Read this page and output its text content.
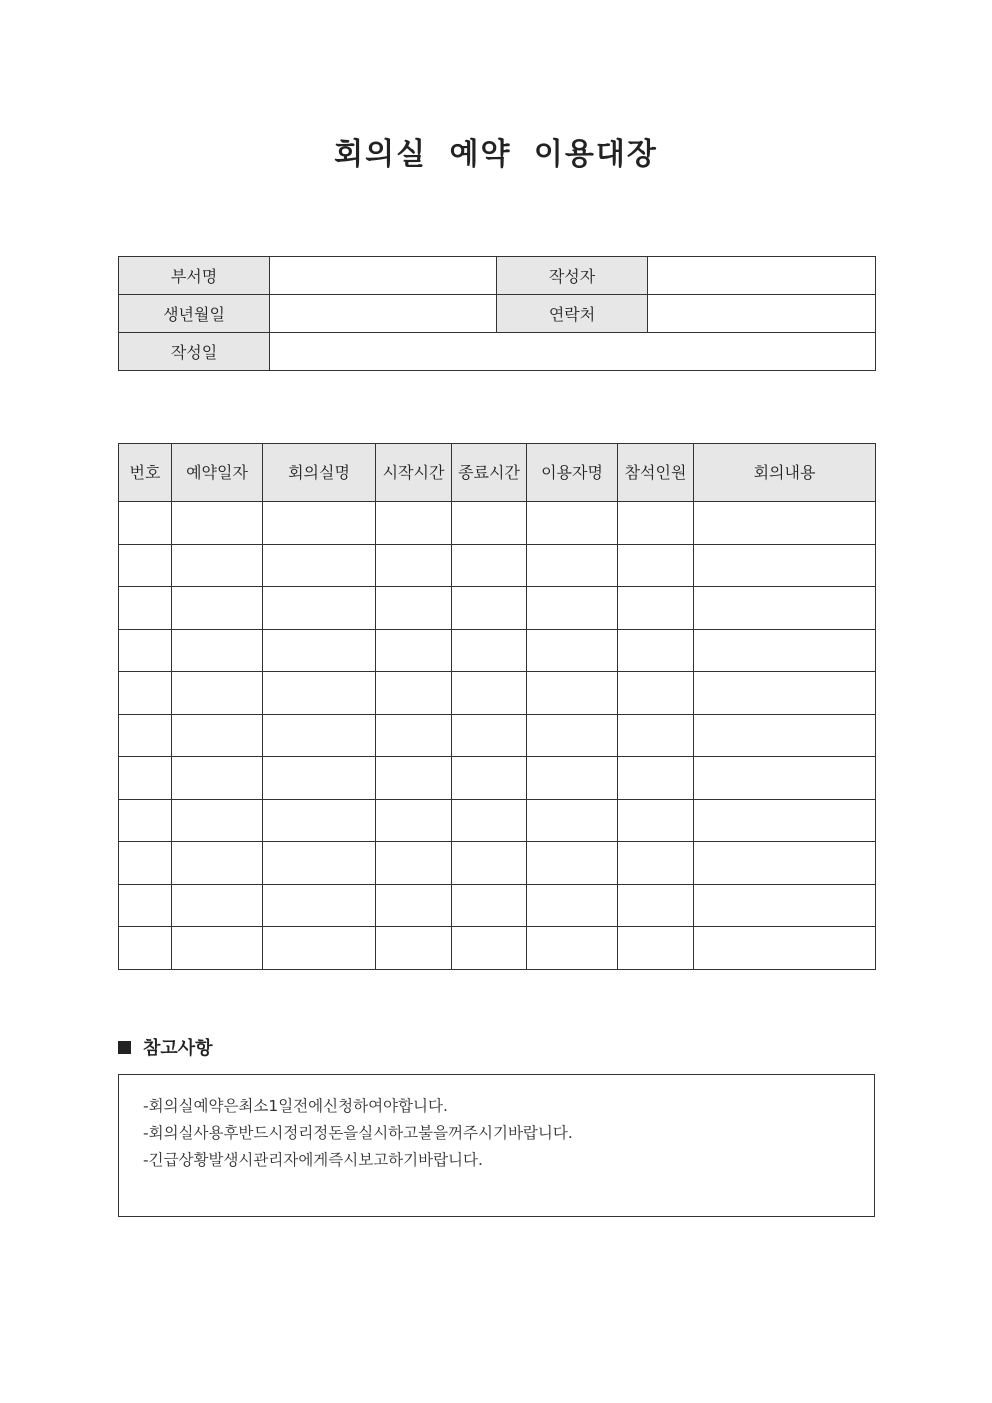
회의실 예약 이용대장
부서명		작성자	
생년월일		연락처	
작성일			
번호	예약일자	회의실명	시작시간	종료시간	이용자명	참석인원	회의내용

참고사항
-회의실예약은최소1일전에신청하여야합니다.
-회의실사용후반드시정리정돈을실시하고불을꺼주시기바랍니다.
-긴급상황발생시관리자에게즉시보고하기바랍니다.
